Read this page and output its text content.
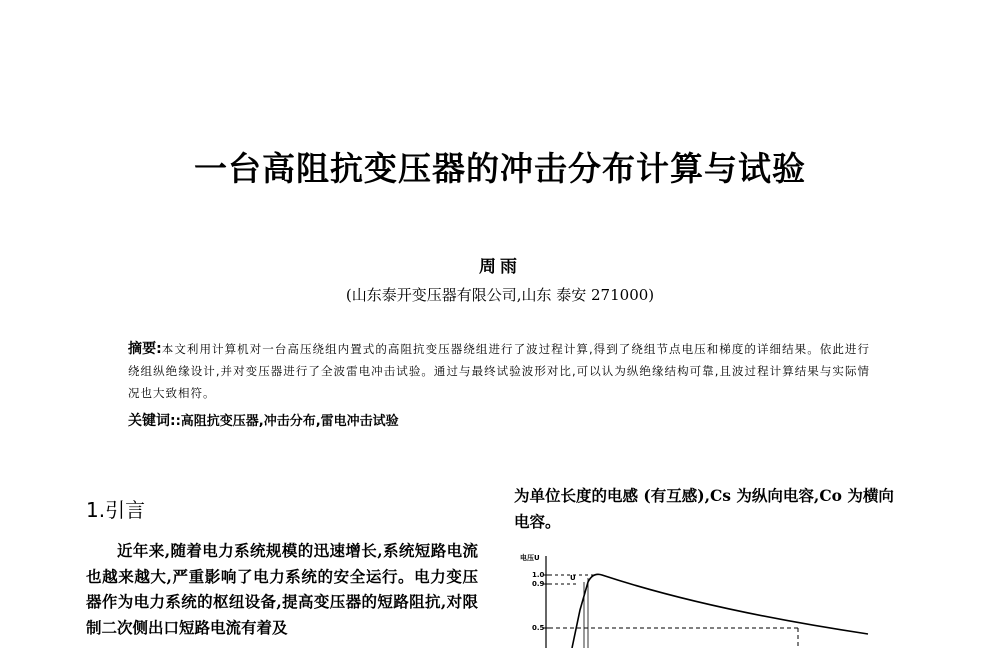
一台高阻抗变压器的冲击分布计算与试验
周雨
(山东泰开变压器有限公司,山东 泰安 271000)
摘要:本文利用计算机对一台高压绕组内置式的高阻抗变压器绕组进行了波过程计算,得到了绕组节点电压和梯度的详细结果。依此进行绕组纵绝缘设计,并对变压器进行了全波雷电冲击试验。通过与最终试验波形对比,可以认为纵绝缘结构可靠,且波过程计算结果与实际情况也大致相符。
关键词::高阻抗变压器,冲击分布,雷电冲击试验
1.引言

近年来,随着电力系统规模的迅速增长,系统短路电流也越来越大,严重影响了电力系统的安全运行。电力变压器作为电力系统的枢纽设备,提高变压器的短路阻抗,对限制二次侧出口短路电流有着及

为单位长度的电感 (有互感),Cs 为纵向电容,Co 为横向电容。

电压U
1.0
0.9
0.5
U
